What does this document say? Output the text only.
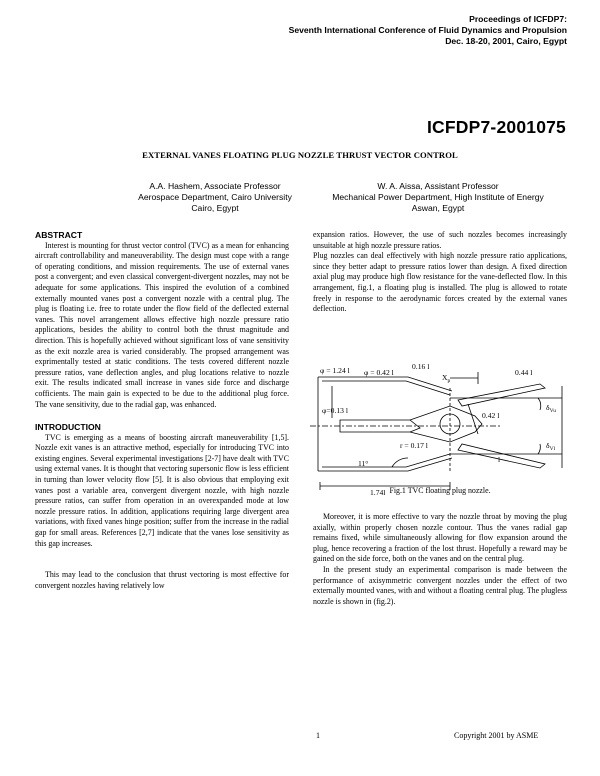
Proceedings of ICFDP7:
Seventh International Conference of Fluid Dynamics and Propulsion
Dec. 18-20, 2001, Cairo, Egypt
ICFDP7-2001075
EXTERNAL VANES FLOATING PLUG NOZZLE THRUST VECTOR CONTROL
A.A. Hashem, Associate Professor
Aerospace Department, Cairo University
Cairo, Egypt
W. A. Aissa, Assistant Professor
Mechanical Power Department, High Institute of Energy
Aswan, Egypt
ABSTRACT

Interest is mounting for thrust vector control (TVC) as a mean for enhancing aircraft controllability and maneuverability. The design must cope with a range of operating conditions, and mission requirements. The use of external vanes post a convergent; and even classical convergent-divergent nozzles, may not be adequate for some applications. This inspired the evolution of a combined externally mounted vanes post a convergent nozzle with a central plug. The plug is floating i.e. free to rotate under the flow field of the deflected external vanes. This novel arrangement allows effective high nozzle pressure ratio applications, besides the ability to control both the thrust magnitude and direction. This is hopefully achieved without significant loss of vane sensitivity as the exit nozzle area is varied considerably. The propsed arrangement was exprimentally tested at static conditions. The tests covered different nozzle pressure ratios, vane deflection angles, and plug locations relative to nozzle exit. The results indicated small increase in vanes side force and discharge cofficients. The main gain is expected to be due to the additional plug force. The vane sensitivity, due to the radial gap, was enhanced.

INTRODUCTION

TVC is emerging as a means of boosting aircraft maneuverability [1,5]. Nozzle exit vanes is an attractive method, especially for introducing TVC into existing engines. Several experimental investigations [2-7] have dealt with TVC using external vanes. It is thought that vectoring supersonic flow is less efficient in turning than lower velocity flow [5]. It is also obvious that employing exit vanes post a variable area, convergent divergent nozzle, with high nozzle pressure ratios, can suffer from operation in an overexpanded mode at low nozzle pressure ratios. In addition, applications requiring large divergent area variations, with fixed vanes hinge position; suffer from the increase in the radial gap for small areas. References [2,7] indicate that the vanes lose sensitivity as this gap increases.

This may lead to the conclusion that thrust vectoring is most effective for convergent nozzles having relatively low

expansion ratios. However, the use of such nozzles becomes increasingly unsuitable at high nozzle pressure ratios.

Plug nozzles can deal effectively with high nozzle pressure ratio applications, since they better adapt to pressure ratios lower than design. A fixed direction axial plug may produce high flow resistance for the vane-deflected flow. In this arrangement, fig.1, a floating plug is installed. The plug is allowed to rotate freely in response to the aerodynamic forces created by the external vanes deflection.

φ = 1.24 l φ = 0.42 l
0.16 l
$X_p$
0.44 l
φ=0.13 l
0.42 l
$\delta_{Vu}$
r = 0.17 l
11°
$\delta_{Vl}$
l
1.74l Fig.1 TVC floating plug nozzle.

Moreover, it is more effective to vary the nozzle throat by moving the plug axially, within properly chosen nozzle contour. Thus the vanes radial gap remains fixed, while simultaneously allowing for flow expansion around the plug, hence recovering a fraction of the lost thrust. Hopefully a reward may be gained on the side force, both on the vanes and on the central plug.

In the present study an experimental comparison is made between the performance of axisymmetric convergent nozzles under the effect of two externally mounted vanes, with and without a floating central plug. The plugless nozzle is shown in (fig.2).

1	Copyright 2001 by ASME
